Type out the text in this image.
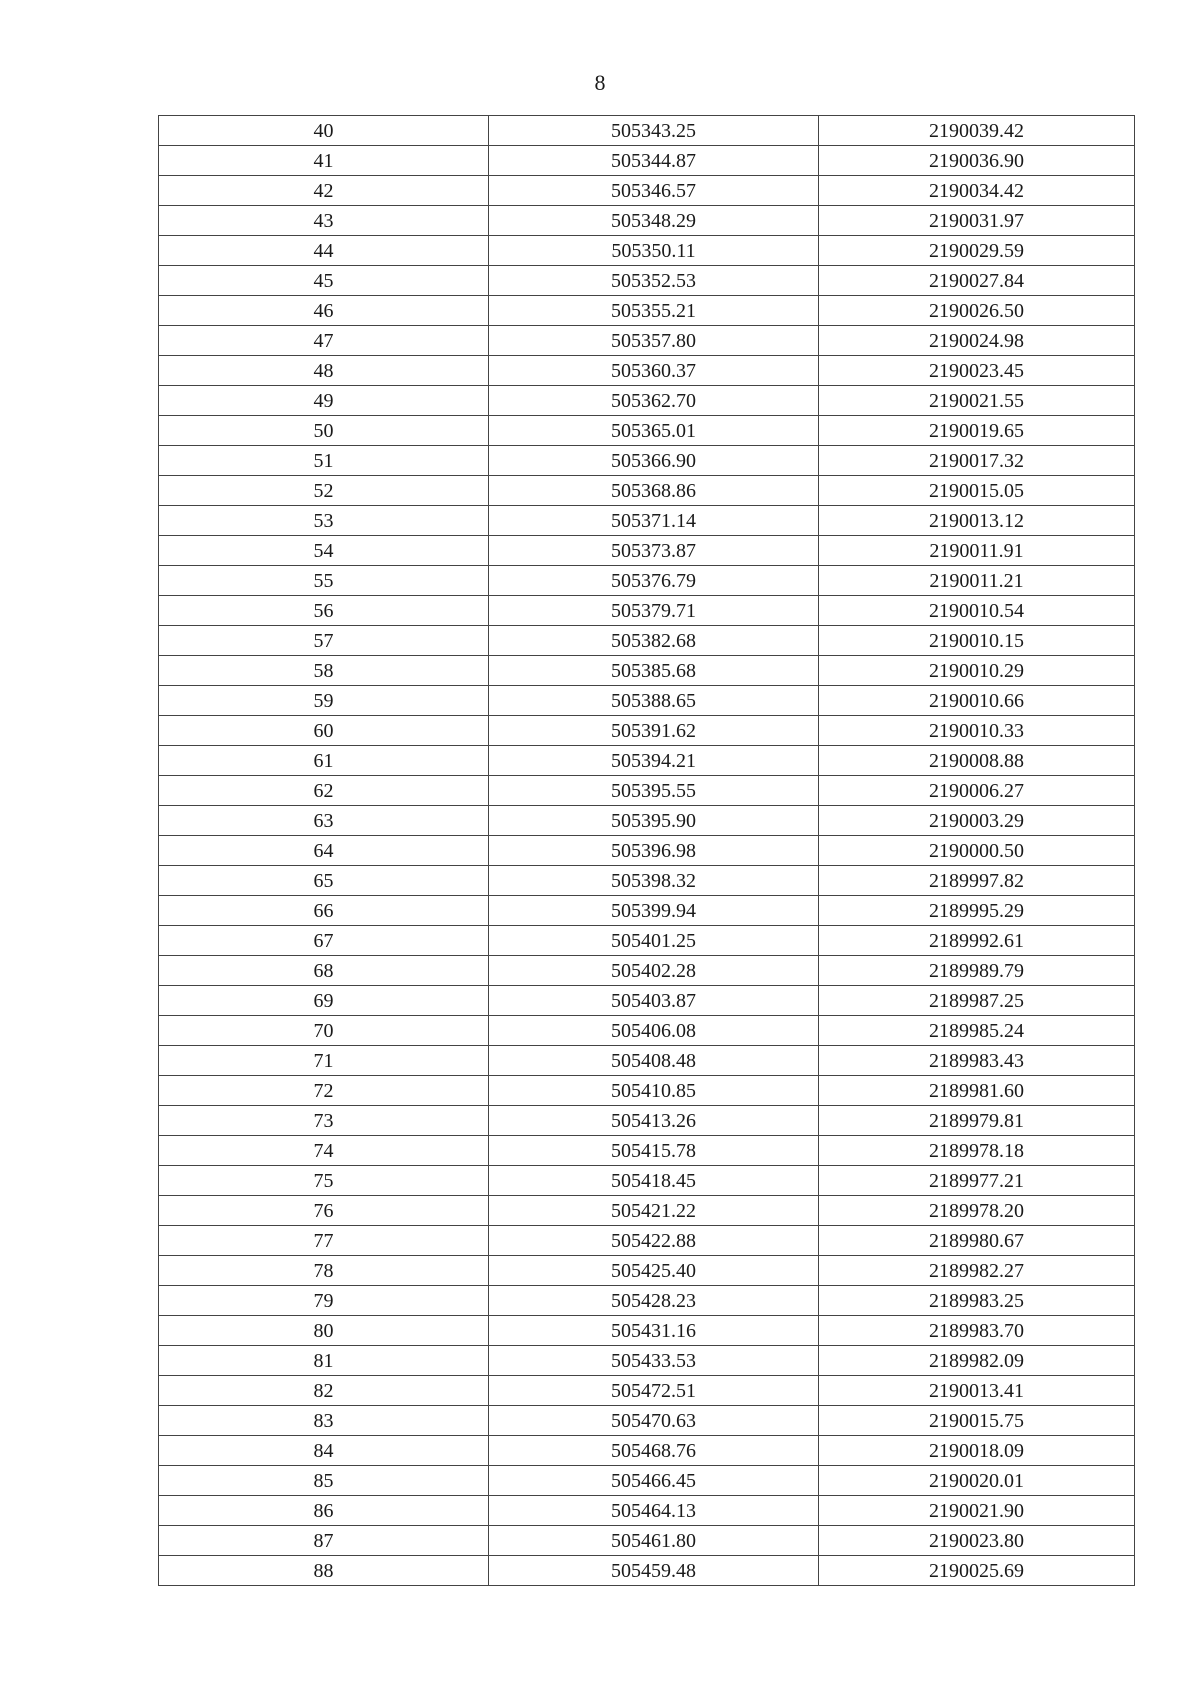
8
40	505343.25	2190039.42
41	505344.87	2190036.90
42	505346.57	2190034.42
43	505348.29	2190031.97
44	505350.11	2190029.59
45	505352.53	2190027.84
46	505355.21	2190026.50
47	505357.80	2190024.98
48	505360.37	2190023.45
49	505362.70	2190021.55
50	505365.01	2190019.65
51	505366.90	2190017.32
52	505368.86	2190015.05
53	505371.14	2190013.12
54	505373.87	2190011.91
55	505376.79	2190011.21
56	505379.71	2190010.54
57	505382.68	2190010.15
58	505385.68	2190010.29
59	505388.65	2190010.66
60	505391.62	2190010.33
61	505394.21	2190008.88
62	505395.55	2190006.27
63	505395.90	2190003.29
64	505396.98	2190000.50
65	505398.32	2189997.82
66	505399.94	2189995.29
67	505401.25	2189992.61
68	505402.28	2189989.79
69	505403.87	2189987.25
70	505406.08	2189985.24
71	505408.48	2189983.43
72	505410.85	2189981.60
73	505413.26	2189979.81
74	505415.78	2189978.18
75	505418.45	2189977.21
76	505421.22	2189978.20
77	505422.88	2189980.67
78	505425.40	2189982.27
79	505428.23	2189983.25
80	505431.16	2189983.70
81	505433.53	2189982.09
82	505472.51	2190013.41
83	505470.63	2190015.75
84	505468.76	2190018.09
85	505466.45	2190020.01
86	505464.13	2190021.90
87	505461.80	2190023.80
88	505459.48	2190025.69
